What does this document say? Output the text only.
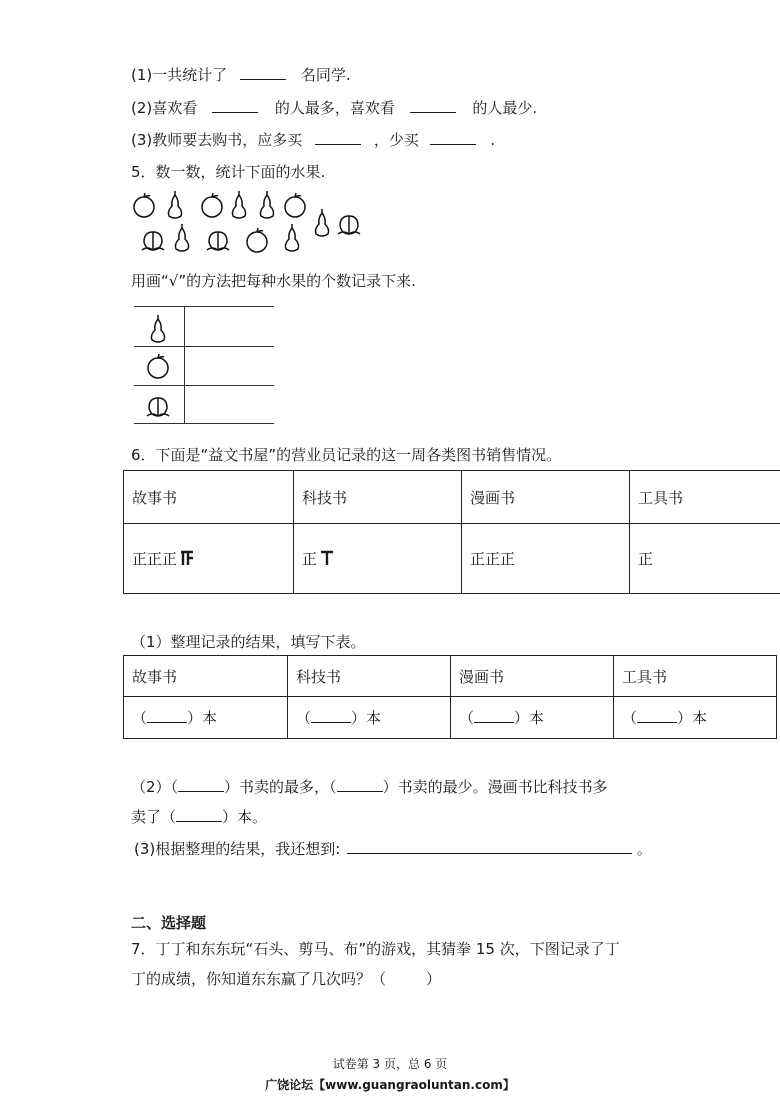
(1)一共统计了	名同学.
(2)喜欢看	的人最多，喜欢看	的人最少.
(3)教师要去购书，应多买	，少买	.
5．数一数，统计下面的水果.
用画“√”的方法把每种水果的个数记录下来.
6．下面是“益文书屋”的营业员记录的这一周各类图书销售情况。
故事书	科技书	漫画书	工具书
正正正	正	正正正	正
（1）整理记录的结果，填写下表。
故事书	科技书	漫画书	工具书
（ ）本	（ ）本	（ ）本	（ ）本
（2）（	）书卖的最多，（	）书卖的最少。漫画书比科技书多
卖了（	）本。
(3)根据整理的结果，我还想到:	。
二、选择题
7．丁丁和东东玩“石头、剪马、布”的游戏，其猜拳 15 次，下图记录了丁
丁的成绩，你知道东东赢了几次吗？（	）
试卷第 3 页，总 6 页
广饶论坛【www.guangraoluntan.com】
